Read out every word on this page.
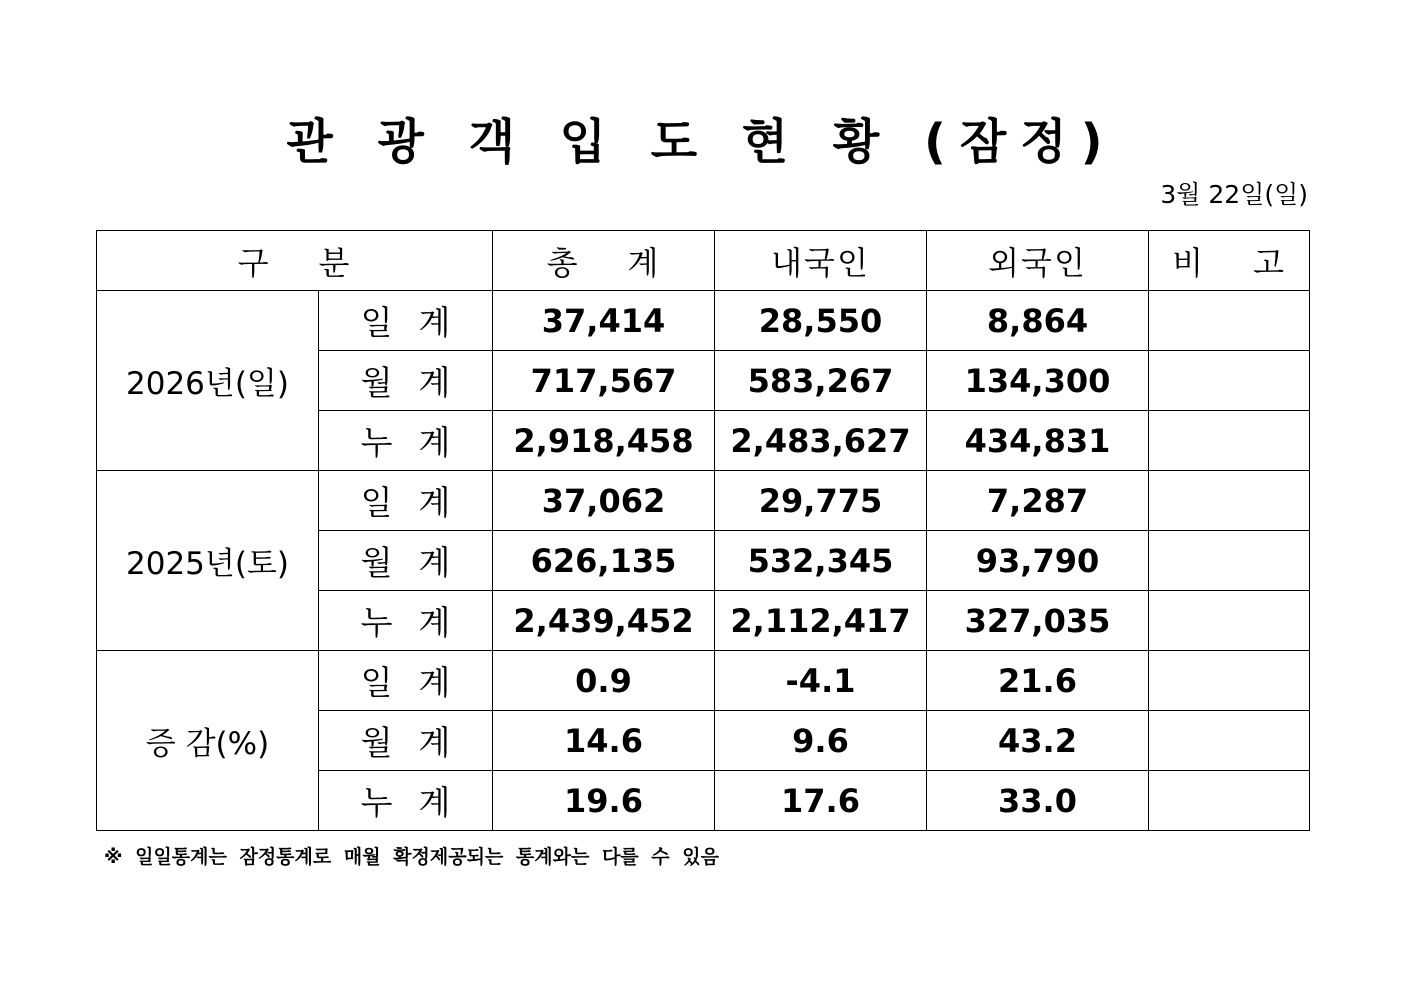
관 광 객 입 도 현 황 (잠정)
3월 22일(일)
구 분		총 계	내국인	외국인	비 고
2026년(일)	일 계	37,414	28,550	8,864	
	월 계	717,567	583,267	134,300	
	누 계	2,918,458	2,483,627	434,831	
2025년(토)	일 계	37,062	29,775	7,287	
	월 계	626,135	532,345	93,790	
	누 계	2,439,452	2,112,417	327,035	
증 감(%)	일 계	0.9	-4.1	21.6	
	월 계	14.6	9.6	43.2	
	누 계	19.6	17.6	33.0	
※ 일일통계는 잠정통계로 매월 확정제공되는 통계와는 다를 수 있음
